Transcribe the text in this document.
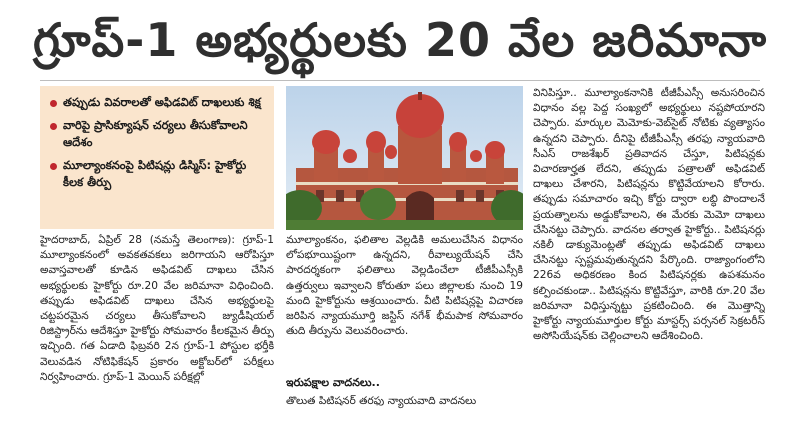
గ్రూప్-1 అభ్యర్థులకు 20 వేల జరిమానా
తప్పుడు వివరాలతో అఫిడవిట్ దాఖలుకు శిక్ష
వారిపై ప్రాసిక్యూషన్ చర్యలు తీసుకోవాలని ఆదేశం
మూల్యాంకనంపై పిటిషన్లు డిస్మిస్: హైకోర్టు కీలక తీర్పు

హైదరాబాద్, ఏప్రిల్ 28 (నమస్తే తెలంగాణ): గ్రూప్-1 మూల్యాంకనంలో అవకతవకలు జరిగాయని ఆరోపిస్తూ అవాస్తవాలతో కూడిన అఫిడవిట్ దాఖలు చేసిన అభ్యర్థులకు హైకోర్టు రూ.20 వేల జరిమానా విధించింది. తప్పుడు అఫిడవిట్ దాఖలు చేసిన అభ్యర్థులపై చట్టపరమైన చర్యలు తీసుకోవాలని జ్యుడీషియల్ రిజిస్ట్రార్‌ను ఆదేశిస్తూ హైకోర్టు సోమవారం కీలకమైన తీర్పు ఇచ్చింది. గత ఏడాది ఫిబ్రవరి 2న గ్రూప్-1 పోస్టుల భర్తీకి వెలువడిన నోటిఫికేషన్ ప్రకారం అక్టోబర్‌లో పరీక్షలు నిర్వహించారు. గ్రూప్-1 మెయిన్ పరీక్షల్లో

మూల్యాంకనం, ఫలితాల వెల్లడికి అమలుచేసిన విధానం లోపభూయిష్టంగా ఉన్నదని, రీవాల్యుయేషన్ చేసి పారదర్శకంగా ఫలితాలు వెల్లడించేలా టీజీపీఎస్సీకి ఉత్తర్వులు ఇవ్వాలని కోరుతూ పలు జిల్లాలకు నుంచి 19 మంది హైకోర్టును ఆశ్రయించారు. వీటి పిటిషన్లపై విచారణ జరిపిన న్యాయమూర్తి జస్టిస్ నగేశ్ భీమపాక సోమవారం తుది తీర్పును వెలువరించారు.

ఇరుపక్షాల వాదనలు..

తొలుత పిటిషనర్ తరఫు న్యాయవాది వాదనలు

వినిపిస్తూ.. మూల్యాంకనానికి టీజీపీఎస్సీ అనుసరించిన విధానం వల్ల పెద్ద సంఖ్యలో అభ్యర్థులు నష్టపోయారని చెప్పారు. మార్కుల మెమోకు-వెబ్‌సైట్ నోటికు వ్యత్యాసం ఉన్నదని చెప్పారు. దీనిపై టీజీపీఎస్సీ తరఫు న్యాయవాది సీఎస్ రాజశేఖర్ ప్రతివాదన చేస్తూ, పిటిషన్లకు విచారణార్హత లేదని, తప్పుడు పత్రాలతో అఫిడవిట్ దాఖలు చేశారని, పిటిషన్లను కొట్టివేయాలని కోరారు. తప్పుడు సమాచారం ఇచ్చి కోర్టు ద్వారా లబ్ధి పొందాలనే ప్రయత్నాలను అడ్డుకోవాలని, ఈ మేరకు మెమో దాఖలు చేసినట్టు చెప్పారు. వాదనల తర్వాత హైకోర్టు.. పిటిషనర్లు నకిలీ డాక్యుమెంట్లతో తప్పుడు అఫిడవిట్ దాఖలు చేసినట్టు స్పష్టమవుతున్నదని పేర్కొంది. రాజ్యాంగంలోని 226వ అధికరణం కింద పిటిషనర్లకు ఉపశమనం కల్పించకుండా.. పిటిషన్లను కొట్టివేస్తూ, వారికి రూ.20 వేల జరిమానా విధిస్తున్నట్టు ప్రకటించింది. ఈ మొత్తాన్ని హైకోర్టు న్యాయమూర్తుల కోర్టు మాస్టర్స్ పర్సనల్ సెక్రటరీస్ అసోసియేషన్‌కు చెల్లించాలని ఆదేశించింది.
